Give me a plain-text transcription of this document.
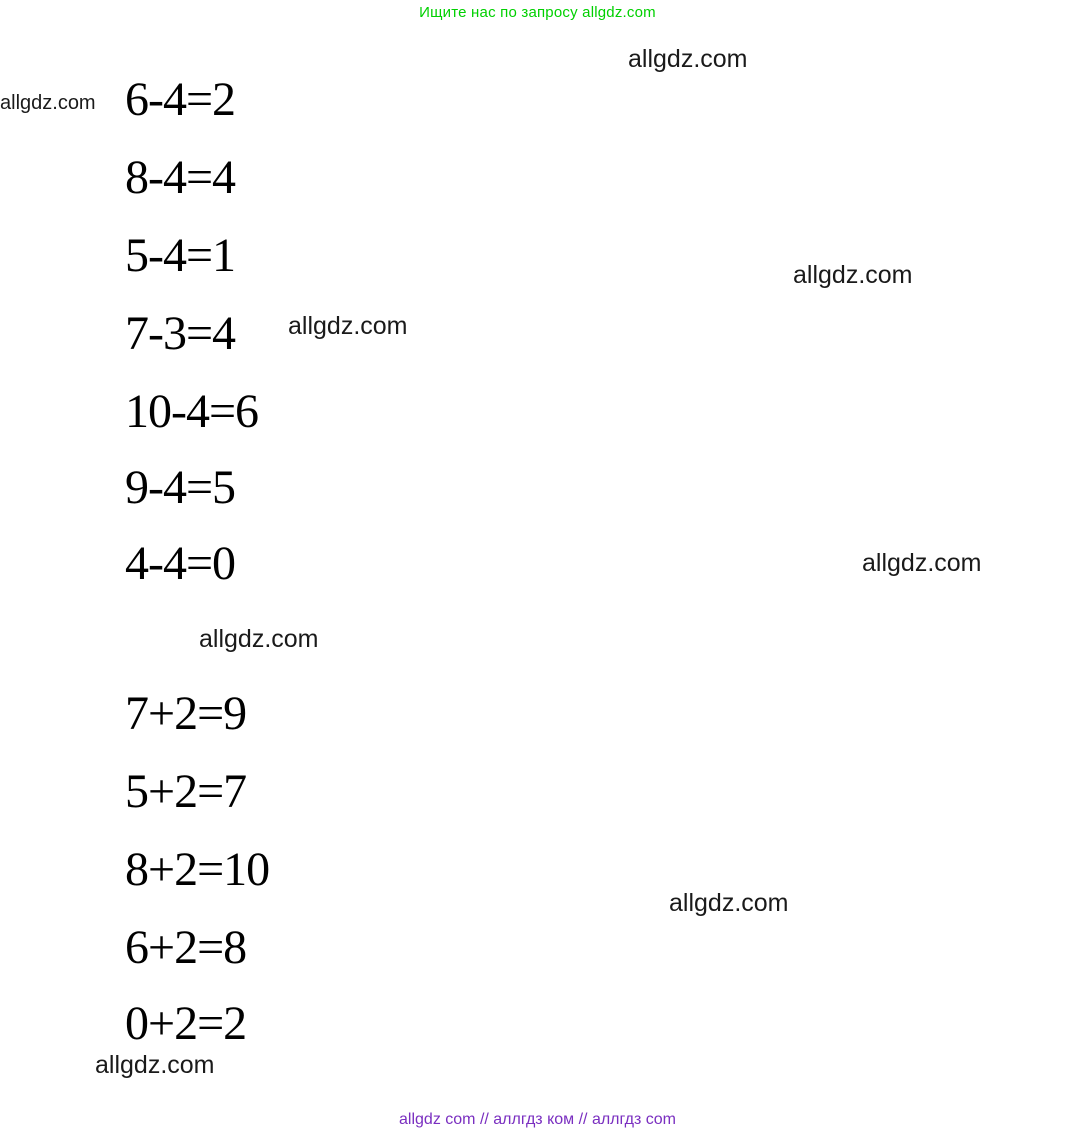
Ищите нас по запросу allgdz.com
6-4=2
8-4=4
5-4=1
7-3=4
10-4=6
9-4=5
4-4=0
7+2=9
5+2=7
8+2=10
6+2=8
0+2=2
allgdz.com
allgdz.com
allgdz.com
allgdz.com
allgdz.com
allgdz.com
allgdz.com
allgdz.com
allgdz com // аллгдз ком // аллгдз сom
